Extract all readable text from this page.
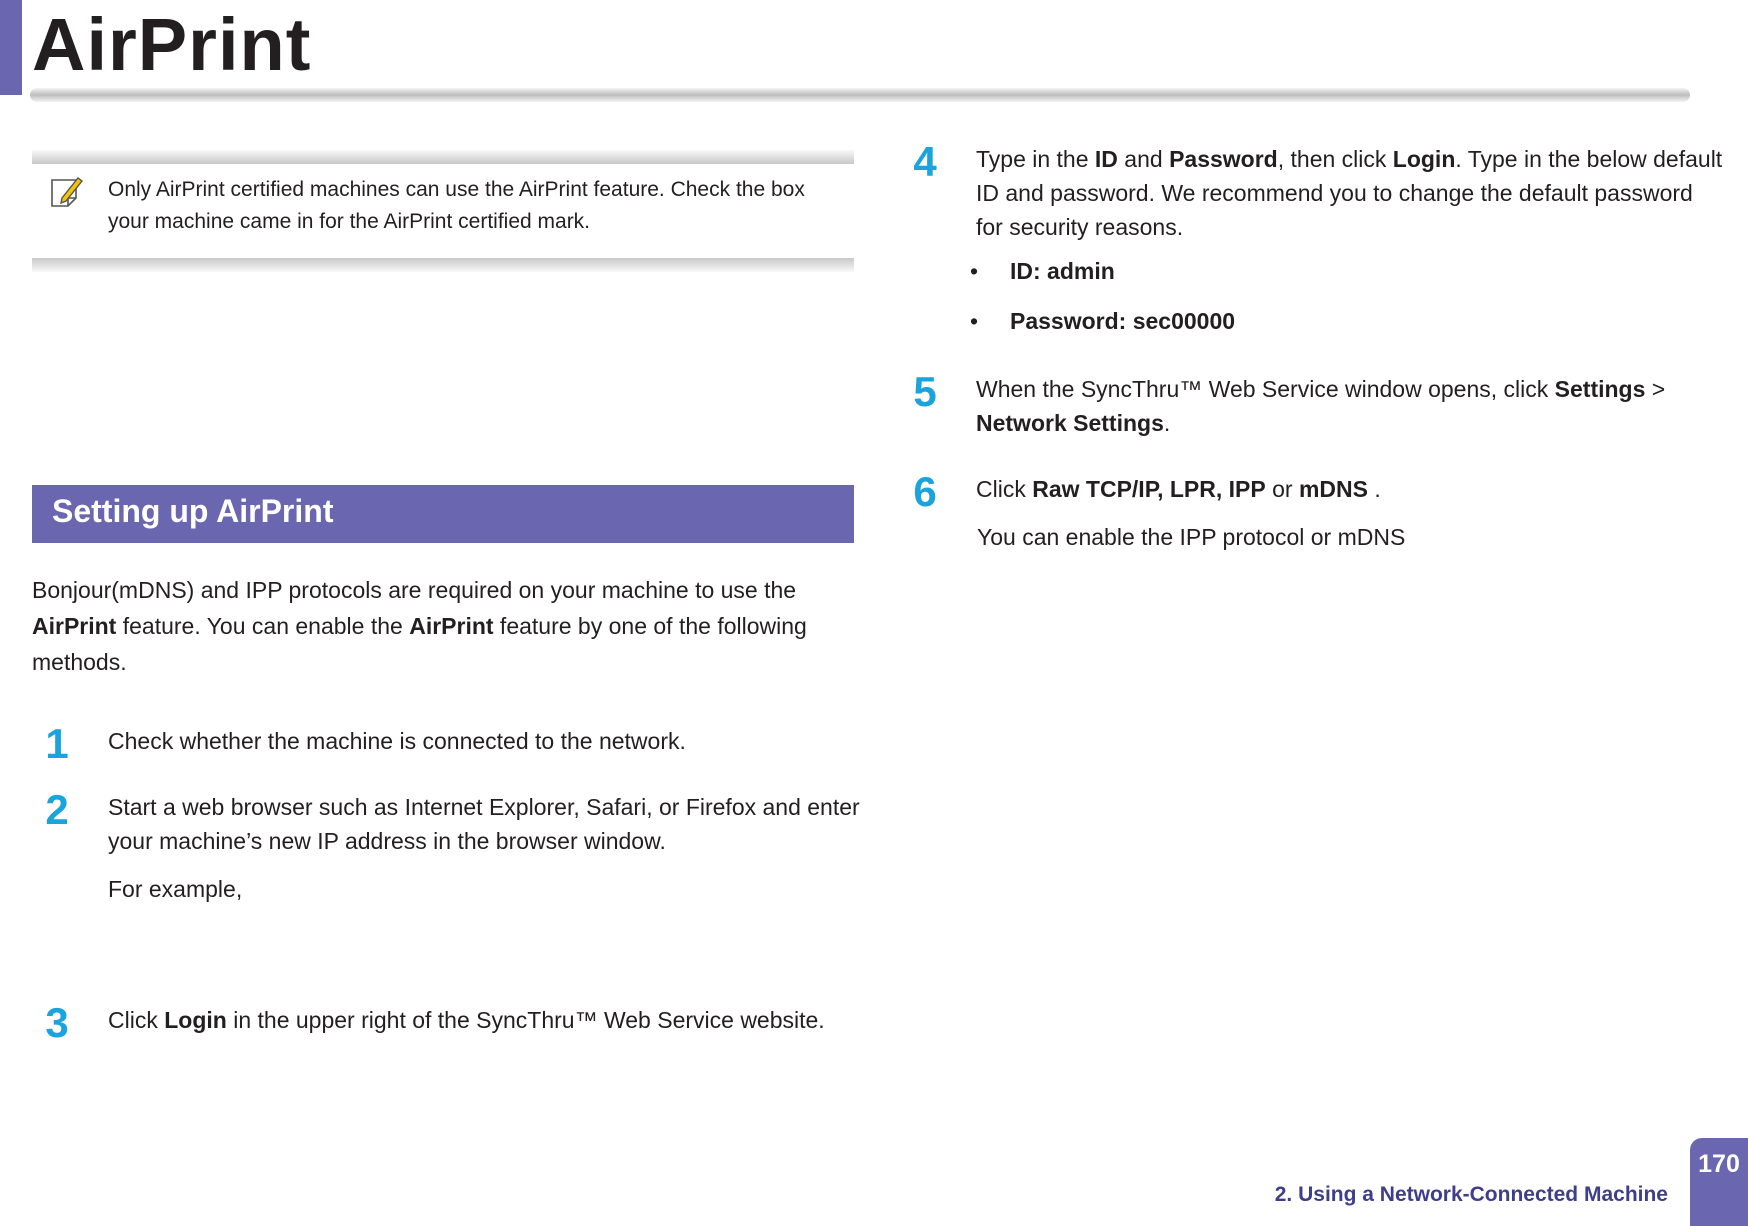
AirPrint
Only AirPrint certified machines can use the AirPrint feature. Check the box
your machine came in for the AirPrint certified mark.
Setting up AirPrint
Bonjour(mDNS) and IPP protocols are required on your machine to use the
AirPrint feature. You can enable the AirPrint feature by one of the following
methods.
1	Check whether the machine is connected to the network.
2	Start a web browser such as Internet Explorer, Safari, or Firefox and enter
your machine’s new IP address in the browser window.
For example,
3	Click Login in the upper right of the SyncThru™ Web Service website.
4	Type in the ID and Password, then click Login. Type in the below default
ID and password. We recommend you to change the default password
for security reasons.
• ID: admin
• Password: sec00000
5	When the SyncThru™ Web Service window opens, click Settings >
Network Settings.
6	Click Raw TCP/IP, LPR, IPP or mDNS .
You can enable the IPP protocol or mDNS
2. Using a Network-Connected Machine
170
